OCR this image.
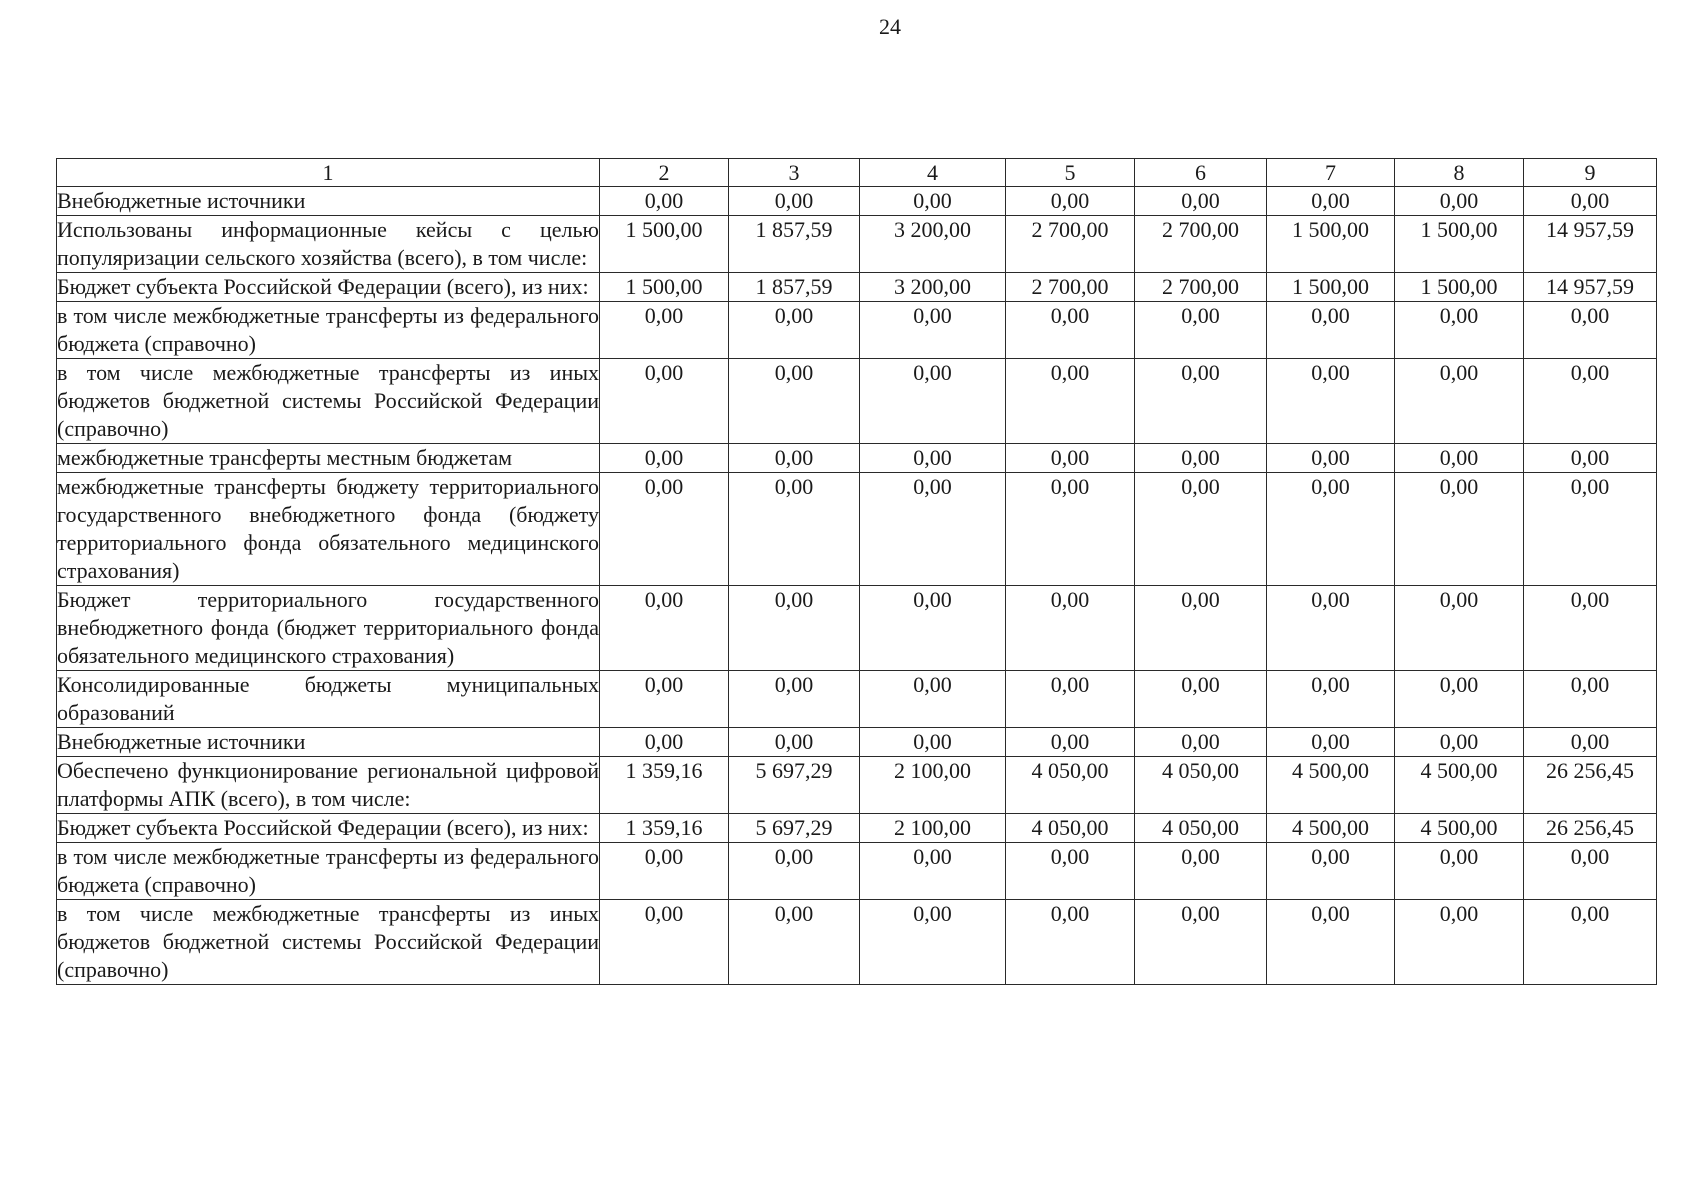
24
1	2	3	4	5	6	7	8	9
Внебюджетные источники	0,00	0,00	0,00	0,00	0,00	0,00	0,00	0,00
Использованы информационные кейсы с целью популяризации сельского хозяйства (всего), в том числе:	1 500,00	1 857,59	3 200,00	2 700,00	2 700,00	1 500,00	1 500,00	14 957,59
Бюджет субъекта Российской Федерации (всего), из них:	1 500,00	1 857,59	3 200,00	2 700,00	2 700,00	1 500,00	1 500,00	14 957,59
в том числе межбюджетные трансферты из федерального бюджета (справочно)	0,00	0,00	0,00	0,00	0,00	0,00	0,00	0,00
в том числе межбюджетные трансферты из иных бюджетов бюджетной системы Российской Федерации (справочно)	0,00	0,00	0,00	0,00	0,00	0,00	0,00	0,00
межбюджетные трансферты местным бюджетам	0,00	0,00	0,00	0,00	0,00	0,00	0,00	0,00
межбюджетные трансферты бюджету территориального государственного внебюджетного фонда (бюджету территориального фонда обязательного медицинского страхования)	0,00	0,00	0,00	0,00	0,00	0,00	0,00	0,00
Бюджет территориального государственного внебюджетного фонда (бюджет территориального фонда обязательного медицинского страхования)	0,00	0,00	0,00	0,00	0,00	0,00	0,00	0,00
Консолидированные бюджеты муниципальных образований	0,00	0,00	0,00	0,00	0,00	0,00	0,00	0,00
Внебюджетные источники	0,00	0,00	0,00	0,00	0,00	0,00	0,00	0,00
Обеспечено функционирование региональной цифровой платформы АПК (всего), в том числе:	1 359,16	5 697,29	2 100,00	4 050,00	4 050,00	4 500,00	4 500,00	26 256,45
Бюджет субъекта Российской Федерации (всего), из них:	1 359,16	5 697,29	2 100,00	4 050,00	4 050,00	4 500,00	4 500,00	26 256,45
в том числе межбюджетные трансферты из федерального бюджета (справочно)	0,00	0,00	0,00	0,00	0,00	0,00	0,00	0,00
в том числе межбюджетные трансферты из иных бюджетов бюджетной системы Российской Федерации (справочно)	0,00	0,00	0,00	0,00	0,00	0,00	0,00	0,00
